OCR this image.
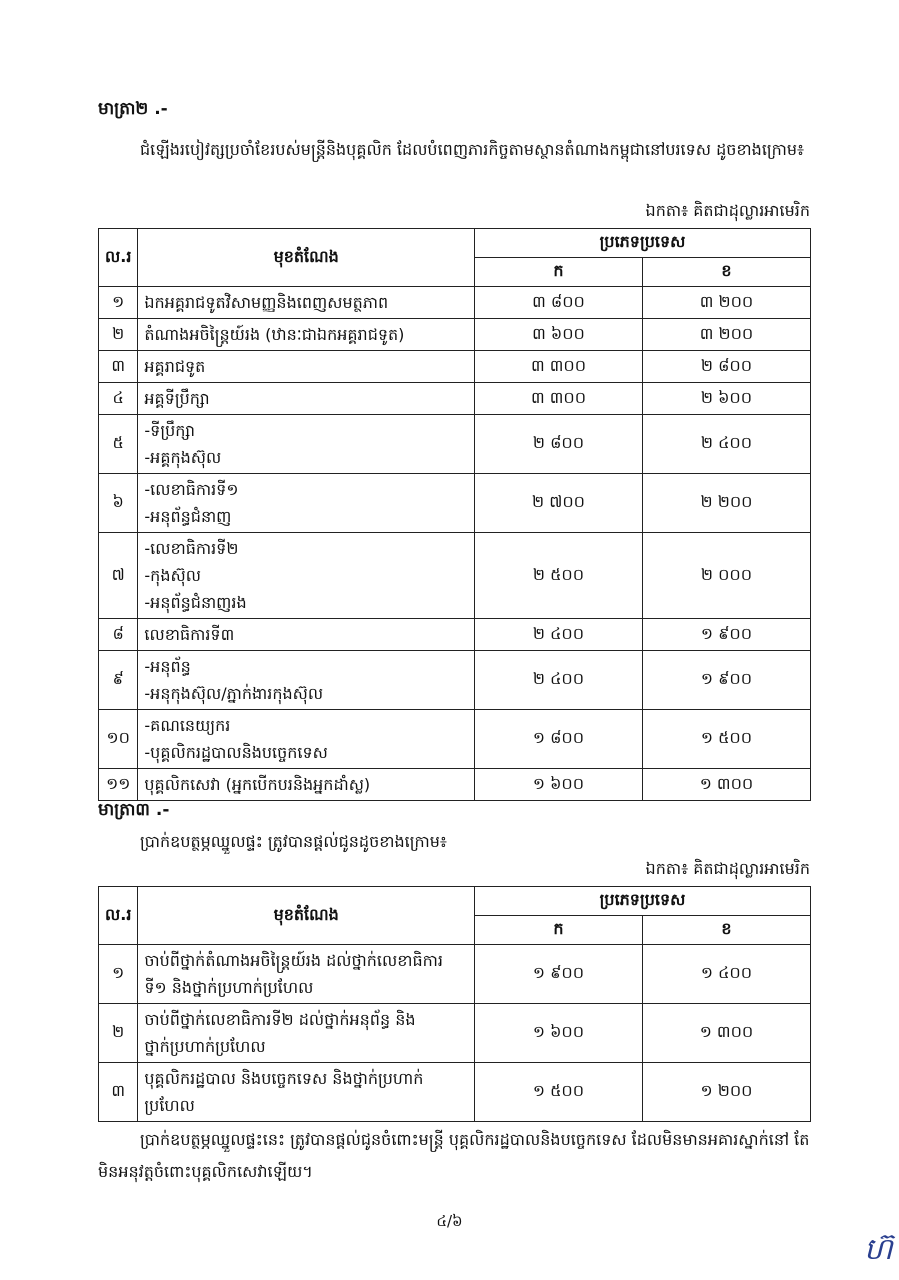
មាត្រា២ .-
ជំឡើងរបៀវត្សប្រចាំខែរបស់មន្ត្រីនិងបុគ្គលិក ដែលបំពេញភារកិច្ចតាមស្ថានតំណាងកម្ពុជានៅបរទេស ដូចខាងក្រោម៖
ឯកតា៖ គិតជាដុល្លារអាមេរិក
ល.រ	មុខតំណែង	ប្រភេទប្រទេស	
		ក	ខ
១	ឯកអគ្គរាជទូតវិសាមញ្ញនិងពេញសមត្ថភាព	៣ ៨០០	៣ ២០០
២	តំណាងអចិន្ត្រៃយ៍រង (ឋានៈជាឯកអគ្គរាជទូត)	៣ ៦០០	៣ ២០០
៣	អគ្គរាជទូត	៣ ៣០០	២ ៨០០
៤	អគ្គទីប្រឹក្សា	៣ ៣០០	២ ៦០០
៥	-ទីប្រឹក្សា
-អគ្គកុងស៊ុល	២ ៨០០	២ ៤០០
៦	-លេខាធិការទី១
-អនុព័ន្ធជំនាញ	២ ៧០០	២ ២០០
៧	-លេខាធិការទី២
-កុងស៊ុល
-អនុព័ន្ធជំនាញរង	២ ៥០០	២ ០០០
៨	លេខាធិការទី៣	២ ៤០០	១ ៩០០
៩	-អនុព័ន្ធ
-អនុកុងស៊ុល/ភ្នាក់ងារកុងស៊ុល	២ ៤០០	១ ៩០០
១០	-គណនេយ្យករ
-បុគ្គលិករដ្ឋបាលនិងបច្ចេកទេស	១ ៨០០	១ ៥០០
១១	បុគ្គលិកសេវា (អ្នកបើកបរនិងអ្នកដាំស្ល)	១ ៦០០	១ ៣០០
មាត្រា៣ .-
ប្រាក់ឧបត្ថម្ភឈ្នួលផ្ទះ ត្រូវបានផ្តល់ជូនដូចខាងក្រោម៖
ឯកតា៖ គិតជាដុល្លារអាមេរិក
ល.រ	មុខតំណែង	ប្រភេទប្រទេស	
		ក	ខ
១	ចាប់ពីថ្នាក់តំណាងអចិន្ត្រៃយ៍រង ដល់ថ្នាក់លេខាធិការ
ទី១ និងថ្នាក់ប្រហាក់ប្រហែល	១ ៩០០	១ ៤០០
២	ចាប់ពីថ្នាក់លេខាធិការទី២ ដល់ថ្នាក់អនុព័ន្ធ និង
ថ្នាក់ប្រហាក់ប្រហែល	១ ៦០០	១ ៣០០
៣	បុគ្គលិករដ្ឋបាល និងបច្ចេកទេស និងថ្នាក់ប្រហាក់
ប្រហែល	១ ៥០០	១ ២០០
ប្រាក់ឧបត្ថម្ភឈ្នួលផ្ទះនេះ ត្រូវបានផ្តល់ជូនចំពោះមន្ត្រី បុគ្គលិករដ្ឋបាលនិងបច្ចេកទេស ដែលមិនមានអគារស្នាក់នៅ តែមិនអនុវត្តចំពោះបុគ្គលិកសេវាឡើយ។
៤/៦
ហ៊
